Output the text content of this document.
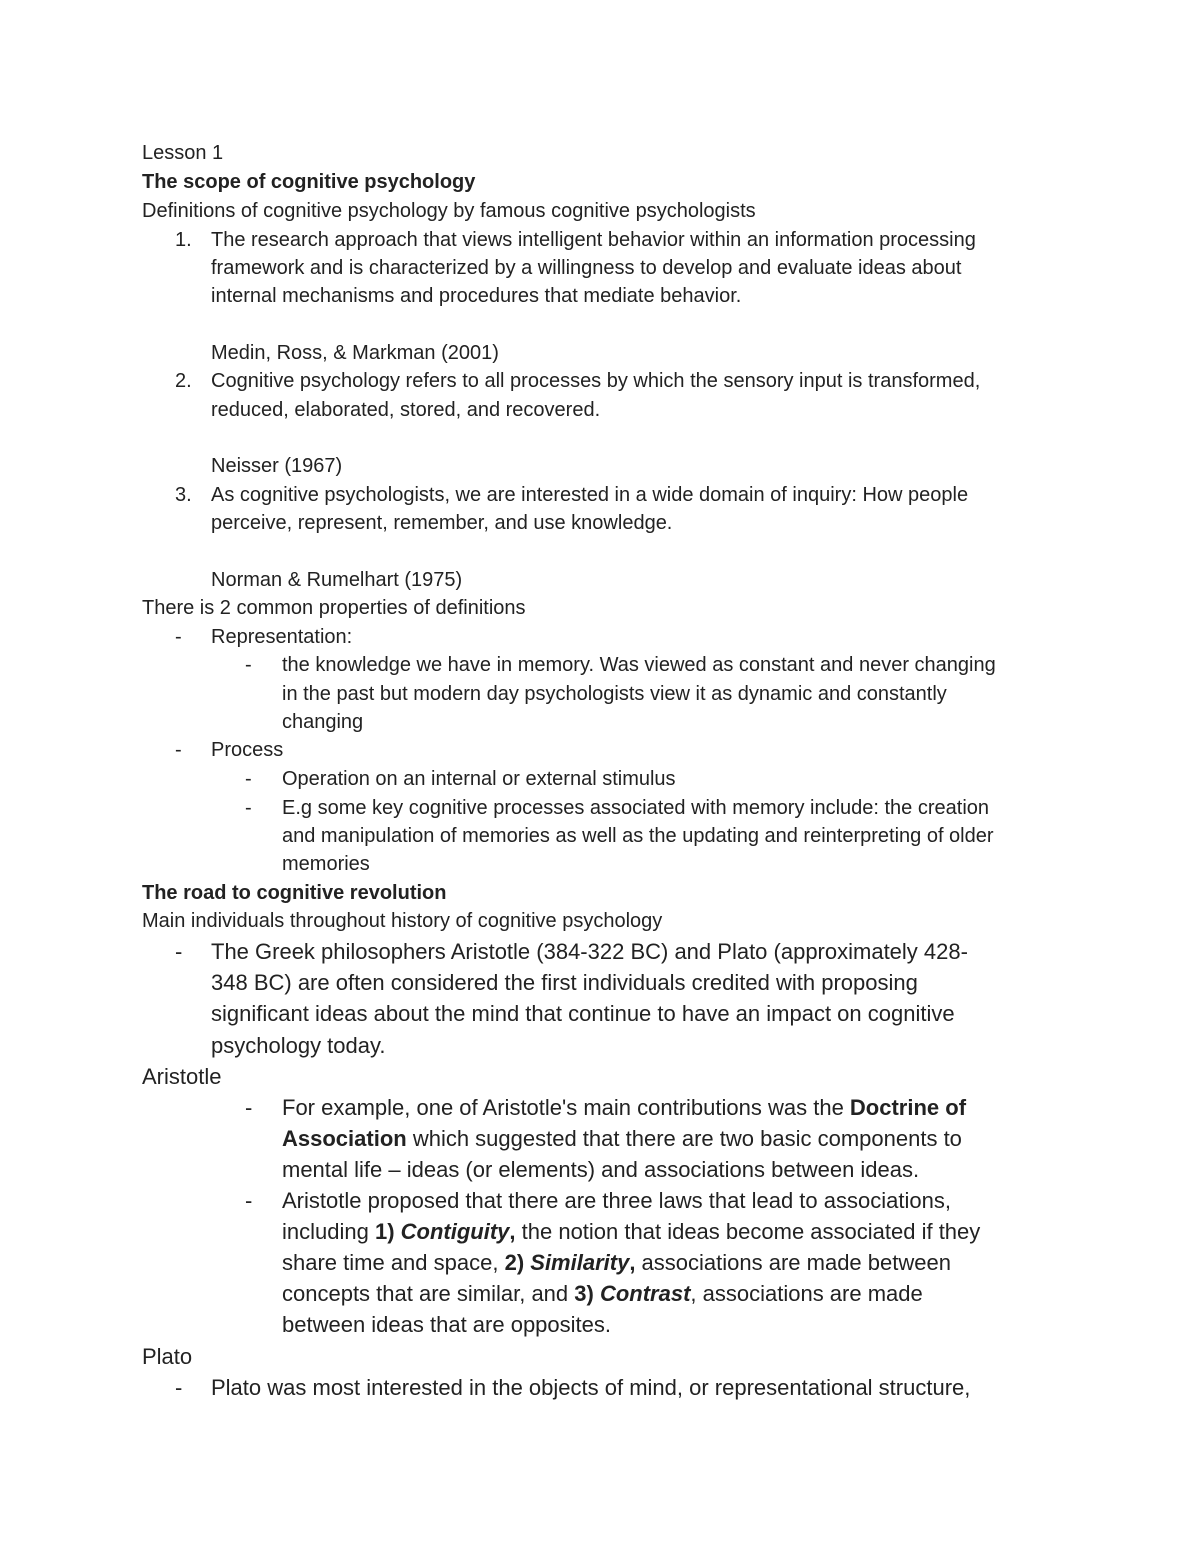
Lesson 1
The scope of cognitive psychology
Definitions of cognitive psychology by famous cognitive psychologists
1. The research approach that views intelligent behavior within an information processing
framework and is characterized by a willingness to develop and evaluate ideas about
internal mechanisms and procedures that mediate behavior.
Medin, Ross, & Markman (2001)
2. Cognitive psychology refers to all processes by which the sensory input is transformed,
reduced, elaborated, stored, and recovered.
Neisser (1967)
3. As cognitive psychologists, we are interested in a wide domain of inquiry: How people
perceive, represent, remember, and use knowledge.
Norman & Rumelhart (1975)
There is 2 common properties of definitions
- Representation:
- the knowledge we have in memory. Was viewed as constant and never changing
in the past but modern day psychologists view it as dynamic and constantly
changing
- Process
- Operation on an internal or external stimulus
- E.g some key cognitive processes associated with memory include: the creation
and manipulation of memories as well as the updating and reinterpreting of older
memories
The road to cognitive revolution
Main individuals throughout history of cognitive psychology
- The Greek philosophers Aristotle (384-322 BC) and Plato (approximately 428-
348 BC) are often considered the first individuals credited with proposing
significant ideas about the mind that continue to have an impact on cognitive
psychology today.
Aristotle
- For example, one of Aristotle's main contributions was the Doctrine of
Association which suggested that there are two basic components to
mental life – ideas (or elements) and associations between ideas.
- Aristotle proposed that there are three laws that lead to associations,
including 1) Contiguity, the notion that ideas become associated if they
share time and space, 2) Similarity, associations are made between
concepts that are similar, and 3) Contrast, associations are made
between ideas that are opposites.
Plato
- Plato was most interested in the objects of mind, or representational structure,
